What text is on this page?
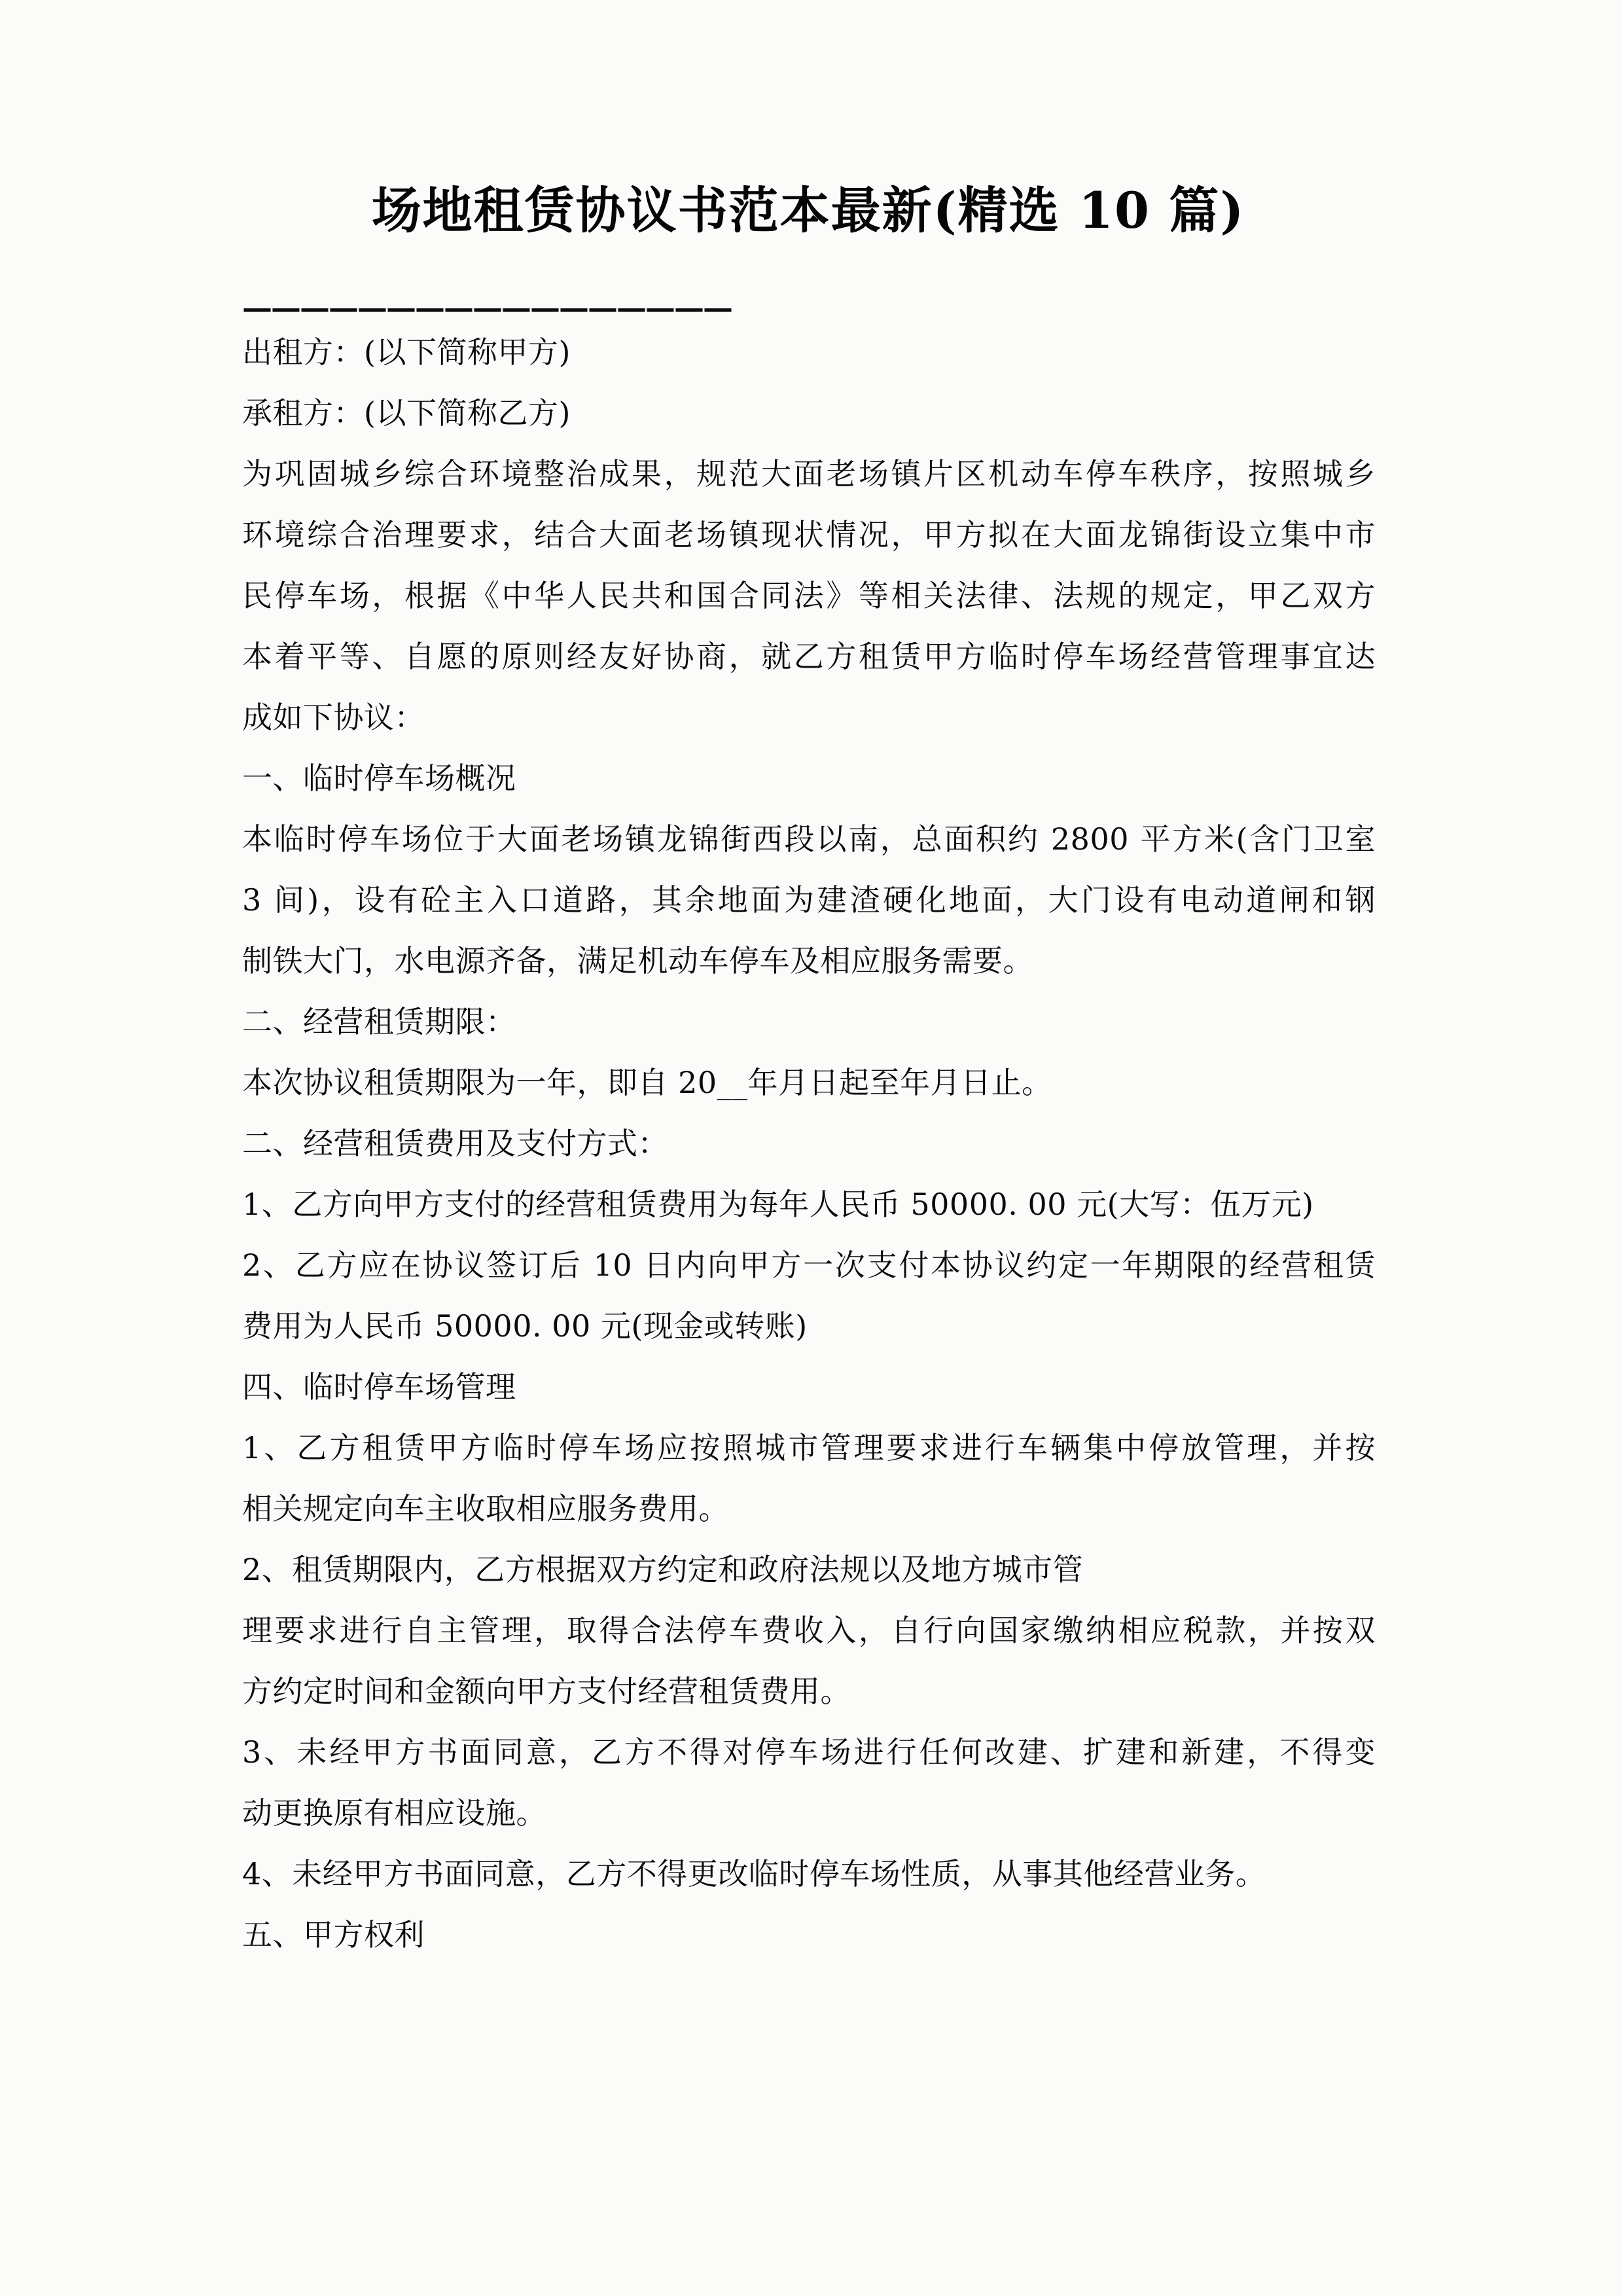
场地租赁协议书范本最新(精选 10 篇)
—————————————————
出租方：(以下简称甲方)
承租方：(以下简称乙方)
为巩固城乡综合环境整治成果，规范大面老场镇片区机动车停车秩序，按照城乡
环境综合治理要求，结合大面老场镇现状情况，甲方拟在大面龙锦街设立集中市
民停车场，根据《中华人民共和国合同法》等相关法律、法规的规定，甲乙双方
本着平等、自愿的原则经友好协商，就乙方租赁甲方临时停车场经营管理事宜达
成如下协议：
一、临时停车场概况
本临时停车场位于大面老场镇龙锦街西段以南，总面积约 2800 平方米(含门卫室
3 间)，设有砼主入口道路，其余地面为建渣硬化地面，大门设有电动道闸和钢
制铁大门，水电源齐备，满足机动车停车及相应服务需要。
二、经营租赁期限：
本次协议租赁期限为一年，即自 20__年月日起至年月日止。
二、经营租赁费用及支付方式：
1、乙方向甲方支付的经营租赁费用为每年人民币 50000. 00 元(大写：伍万元)
2、乙方应在协议签订后 10 日内向甲方一次支付本协议约定一年期限的经营租赁
费用为人民币 50000. 00 元(现金或转账)
四、临时停车场管理
1、乙方租赁甲方临时停车场应按照城市管理要求进行车辆集中停放管理，并按
相关规定向车主收取相应服务费用。
2、租赁期限内，乙方根据双方约定和政府法规以及地方城市管
理要求进行自主管理，取得合法停车费收入，自行向国家缴纳相应税款，并按双
方约定时间和金额向甲方支付经营租赁费用。
3、未经甲方书面同意，乙方不得对停车场进行任何改建、扩建和新建，不得变
动更换原有相应设施。
4、未经甲方书面同意，乙方不得更改临时停车场性质，从事其他经营业务。
五、甲方权利
